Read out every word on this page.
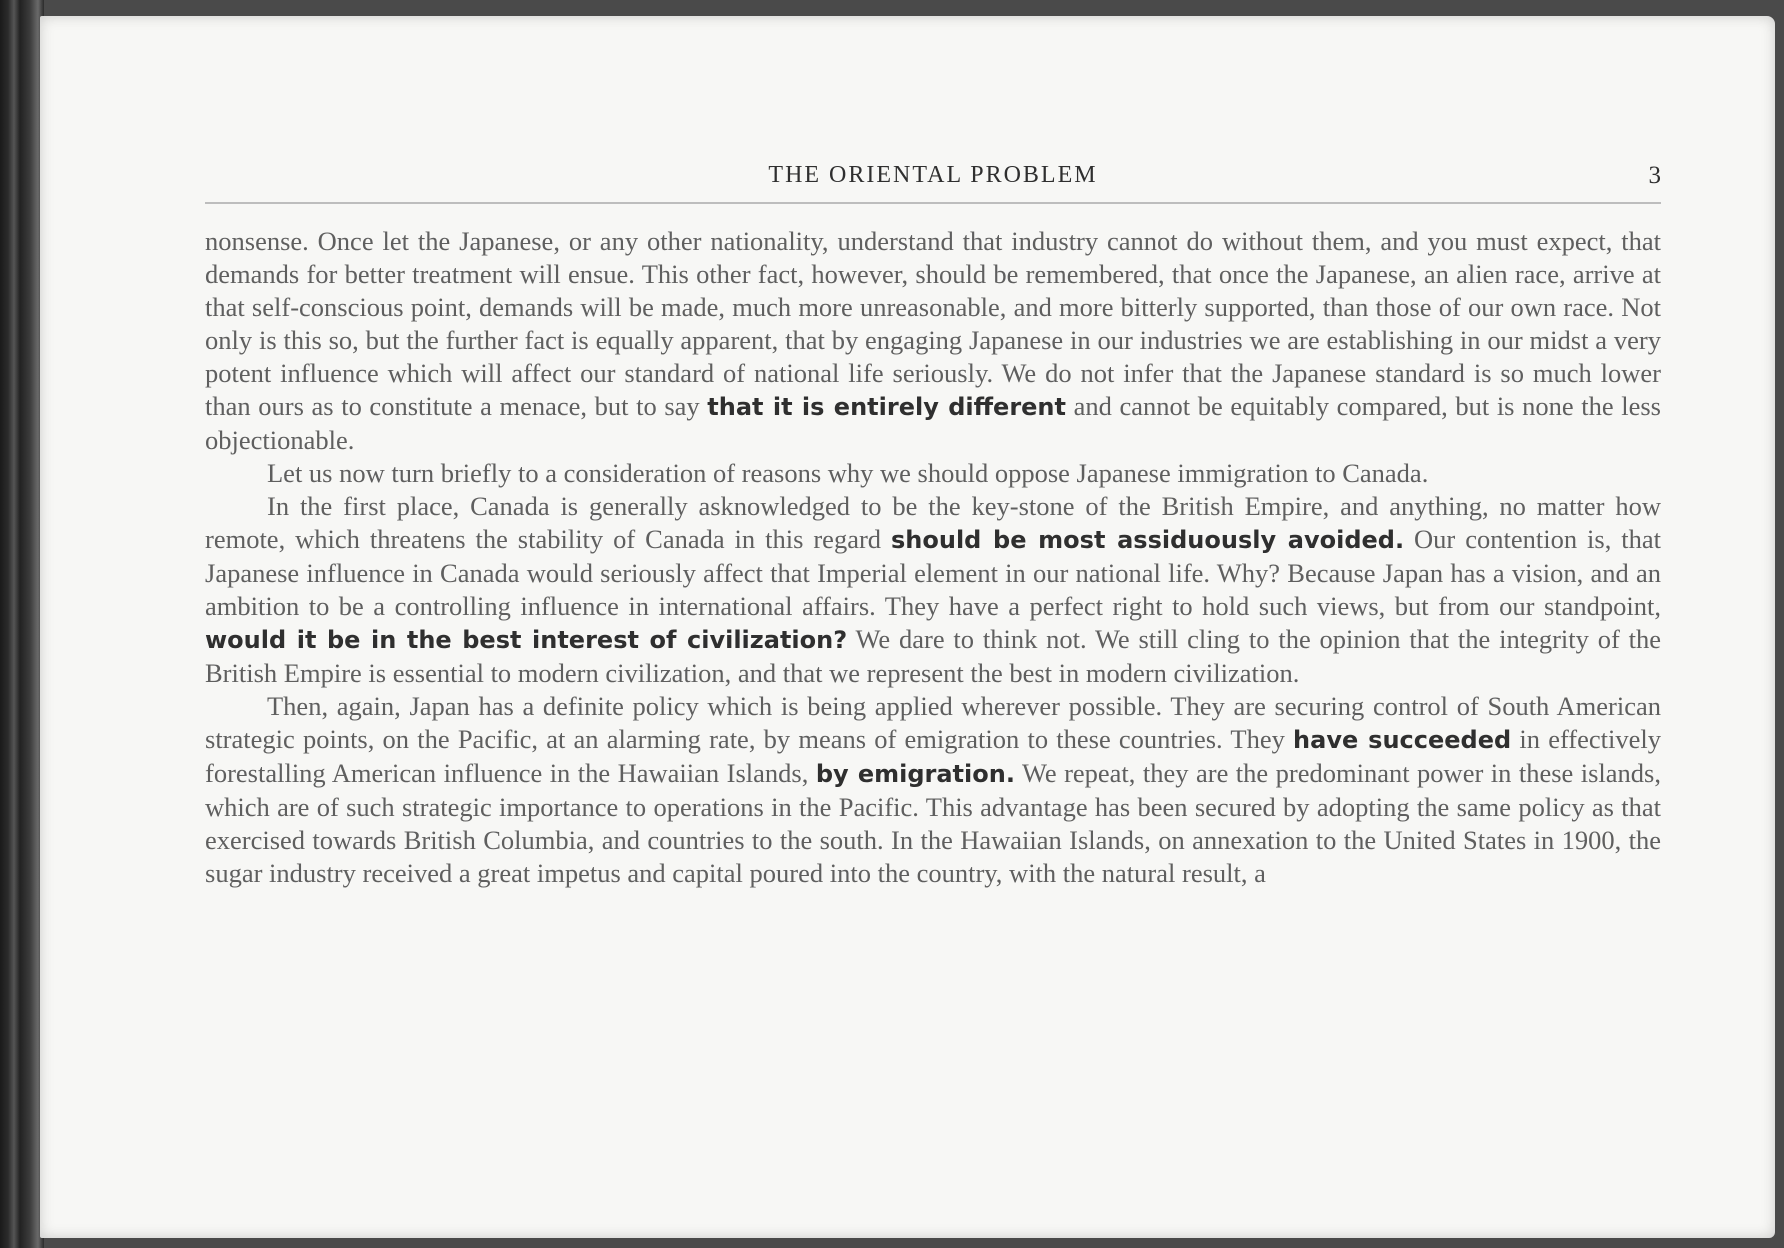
THE ORIENTAL PROBLEM	3

nonsense. Once let the Japanese, or any other nationality, understand that industry cannot do without them, and you must expect, that demands for better treatment will ensue. This other fact, however, should be remembered, that once the Japanese, an alien race, arrive at that self-conscious point, demands will be made, much more unreasonable, and more bitterly supported, than those of our own race. Not only is this so, but the further fact is equally apparent, that by engaging Japanese in our industries we are establishing in our midst a very potent influence which will affect our standard of national life seriously. We do not infer that the Japanese standard is so much lower than ours as to constitute a menace, but to say that it is entirely different and cannot be equitably compared, but is none the less objectionable.

Let us now turn briefly to a consideration of reasons why we should oppose Japanese immigration to Canada.

In the first place, Canada is generally asknowledged to be the key-stone of the British Empire, and anything, no matter how remote, which threatens the stability of Canada in this regard should be most assiduously avoided. Our contention is, that Japanese influence in Canada would seriously affect that Imperial element in our national life. Why? Because Japan has a vision, and an ambition to be a controlling influence in international affairs. They have a perfect right to hold such views, but from our standpoint, would it be in the best interest of civilization? We dare to think not. We still cling to the opinion that the integrity of the British Empire is essential to modern civilization, and that we represent the best in modern civilization.

Then, again, Japan has a definite policy which is being applied wherever possible. They are securing control of South American strategic points, on the Pacific, at an alarming rate, by means of emigration to these countries. They have succeeded in effectively forestalling American influence in the Hawaiian Islands, by emigration. We repeat, they are the predominant power in these islands, which are of such strategic importance to operations in the Pacific. This advantage has been secured by adopting the same policy as that exercised towards British Columbia, and countries to the south. In the Hawaiian Islands, on annexation to the United States in 1900, the sugar industry received a great impetus and capital poured into the country, with the natural result, a
